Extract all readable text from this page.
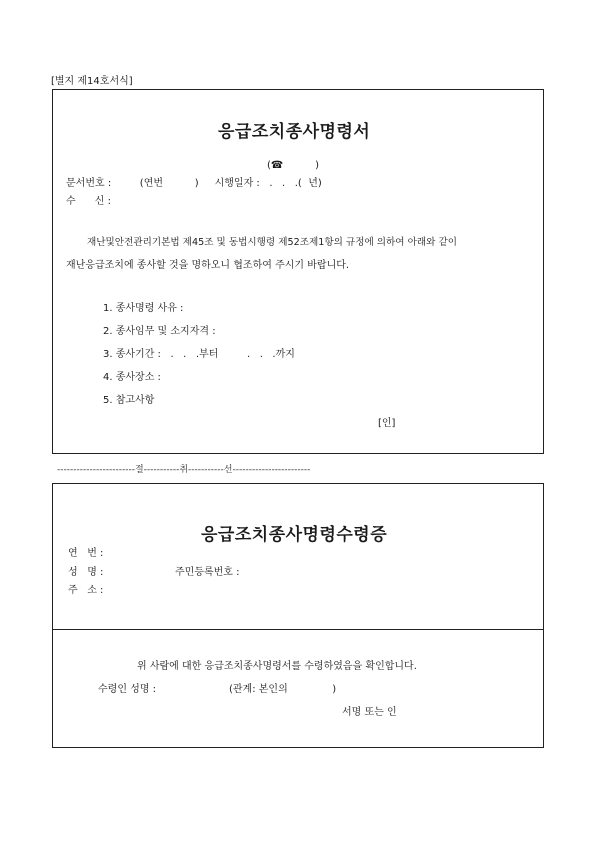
[별지 제14호서식]
응급조치종사명령서
(☎          )
문서번호 :         (연번          )     시행일자 :   .   .   .(  년)
수      신 :
재난및안전관리기본법 제45조 및 동법시행령 제52조제1항의 규정에 의하여 아래와 같이
재난응급조치에 종사할 것을 명하오니 협조하여 주시기 바랍니다.
1. 종사명령 사유 :
2. 종사임무 및 소지자격 :
3. 종사기간 :   .   .   .부터         .   .   .까지
4. 종사장소 :
5. 참고사항
[인]
------------------------절-----------취-----------선------------------------
응급조치종사명령수령증
연   번 :
성   명 :	주민등록번호 :
주   소 :
위 사람에 대한 응급조치종사명령서를 수령하였음을 확인합니다.
수령인 성명 :	(관계: 본인의              )
서명 또는 인
